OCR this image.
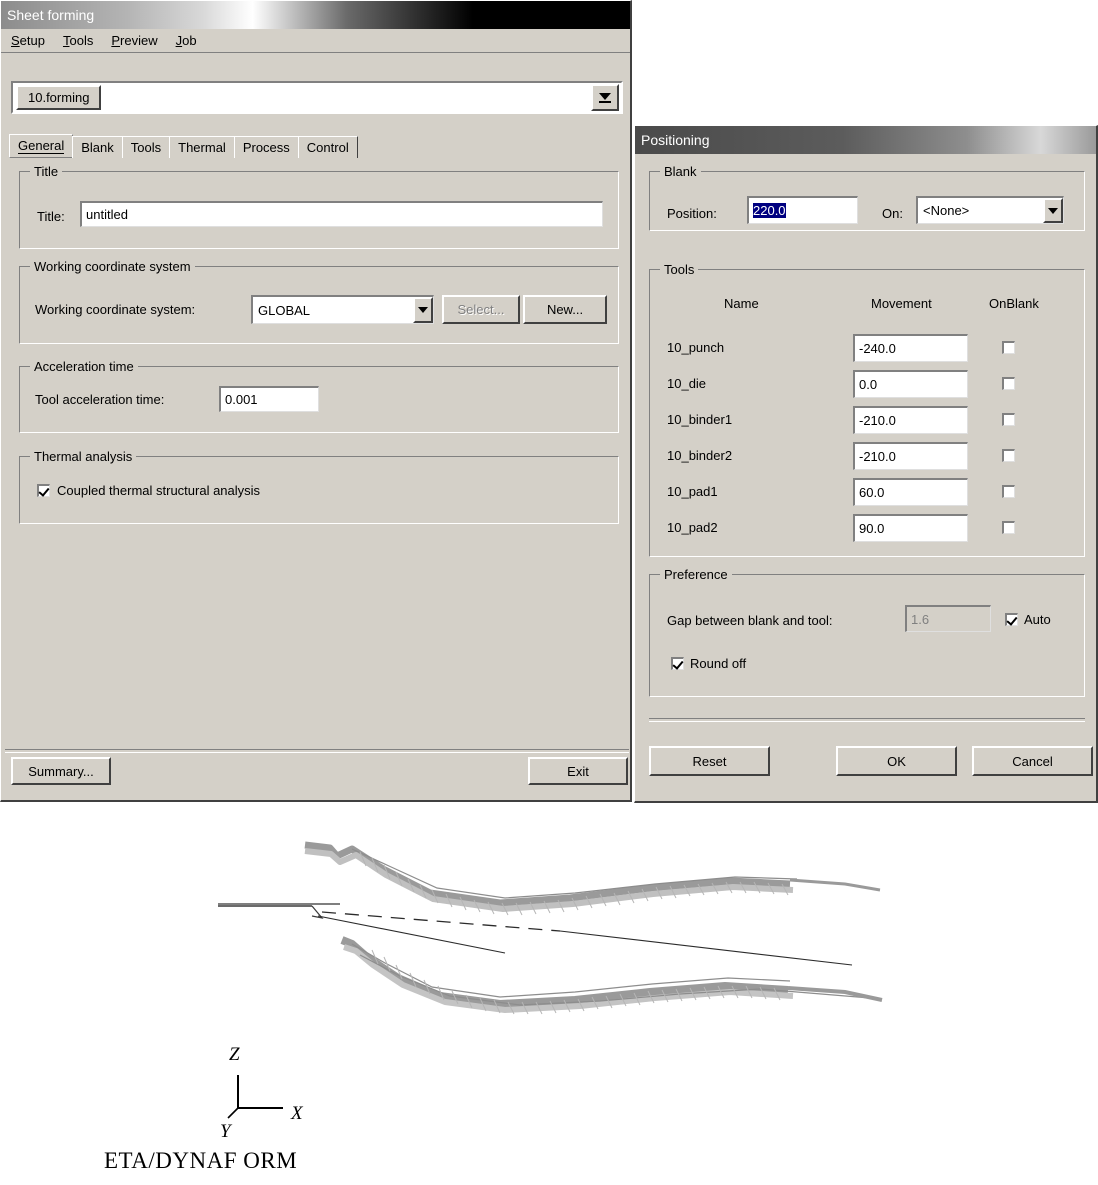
Sheet forming
Setup Tools Preview Job
10.forming
General Blank Tools Thermal Process Control
Title
Title: untitled
Working coordinate system
Working coordinate system:	GLOBAL	Select...	New...
Acceleration time
Tool acceleration time:	0.001
Thermal analysis
Coupled thermal structural analysis
Summary...	Exit
Positioning
Blank
Position:	220.0	On:	<None>
Tools
Name	Movement	OnBlank
10_punch	-240.0
10_die	0.0
10_binder1	-210.0
10_binder2	-210.0
10_pad1	60.0
10_pad2	90.0
Preference
Gap between blank and tool:	1.6	Auto
Round off
Reset	OK	Cancel
Z
X
Y
ETA/DYNAF ORM
